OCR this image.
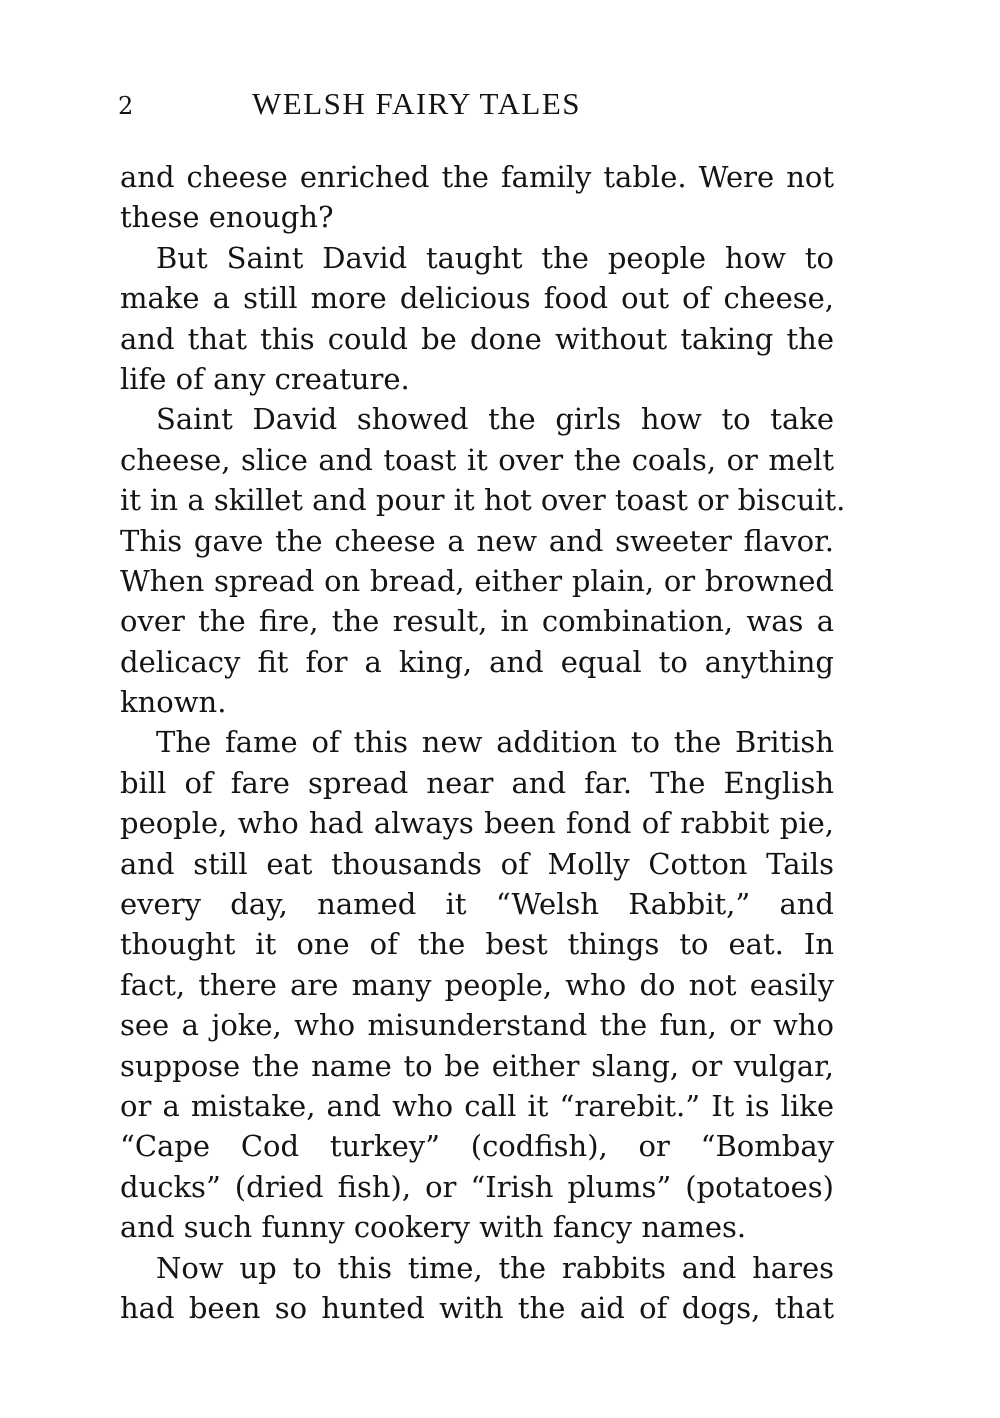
2	WELSH FAIRY TALES
and cheese enriched the family table. Were not
these enough?
But Saint David taught the people how to
make a still more delicious food out of cheese,
and that this could be done without taking the
life of any creature.
Saint David showed the girls how to take
cheese, slice and toast it over the coals, or melt
it in a skillet and pour it hot over toast or biscuit.
This gave the cheese a new and sweeter flavor.
When spread on bread, either plain, or browned
over the fire, the result, in combination, was a
delicacy fit for a king, and equal to anything
known.
The fame of this new addition to the British
bill of fare spread near and far. The English
people, who had always been fond of rabbit pie,
and still eat thousands of Molly Cotton Tails
every day, named it “Welsh Rabbit,” and
thought it one of the best things to eat. In
fact, there are many people, who do not easily
see a joke, who misunderstand the fun, or who
suppose the name to be either slang, or vulgar,
or a mistake, and who call it “rarebit.” It is like
“Cape Cod turkey” (codfish), or “Bombay
ducks” (dried fish), or “Irish plums” (potatoes)
and such funny cookery with fancy names.
Now up to this time, the rabbits and hares
had been so hunted with the aid of dogs, that
